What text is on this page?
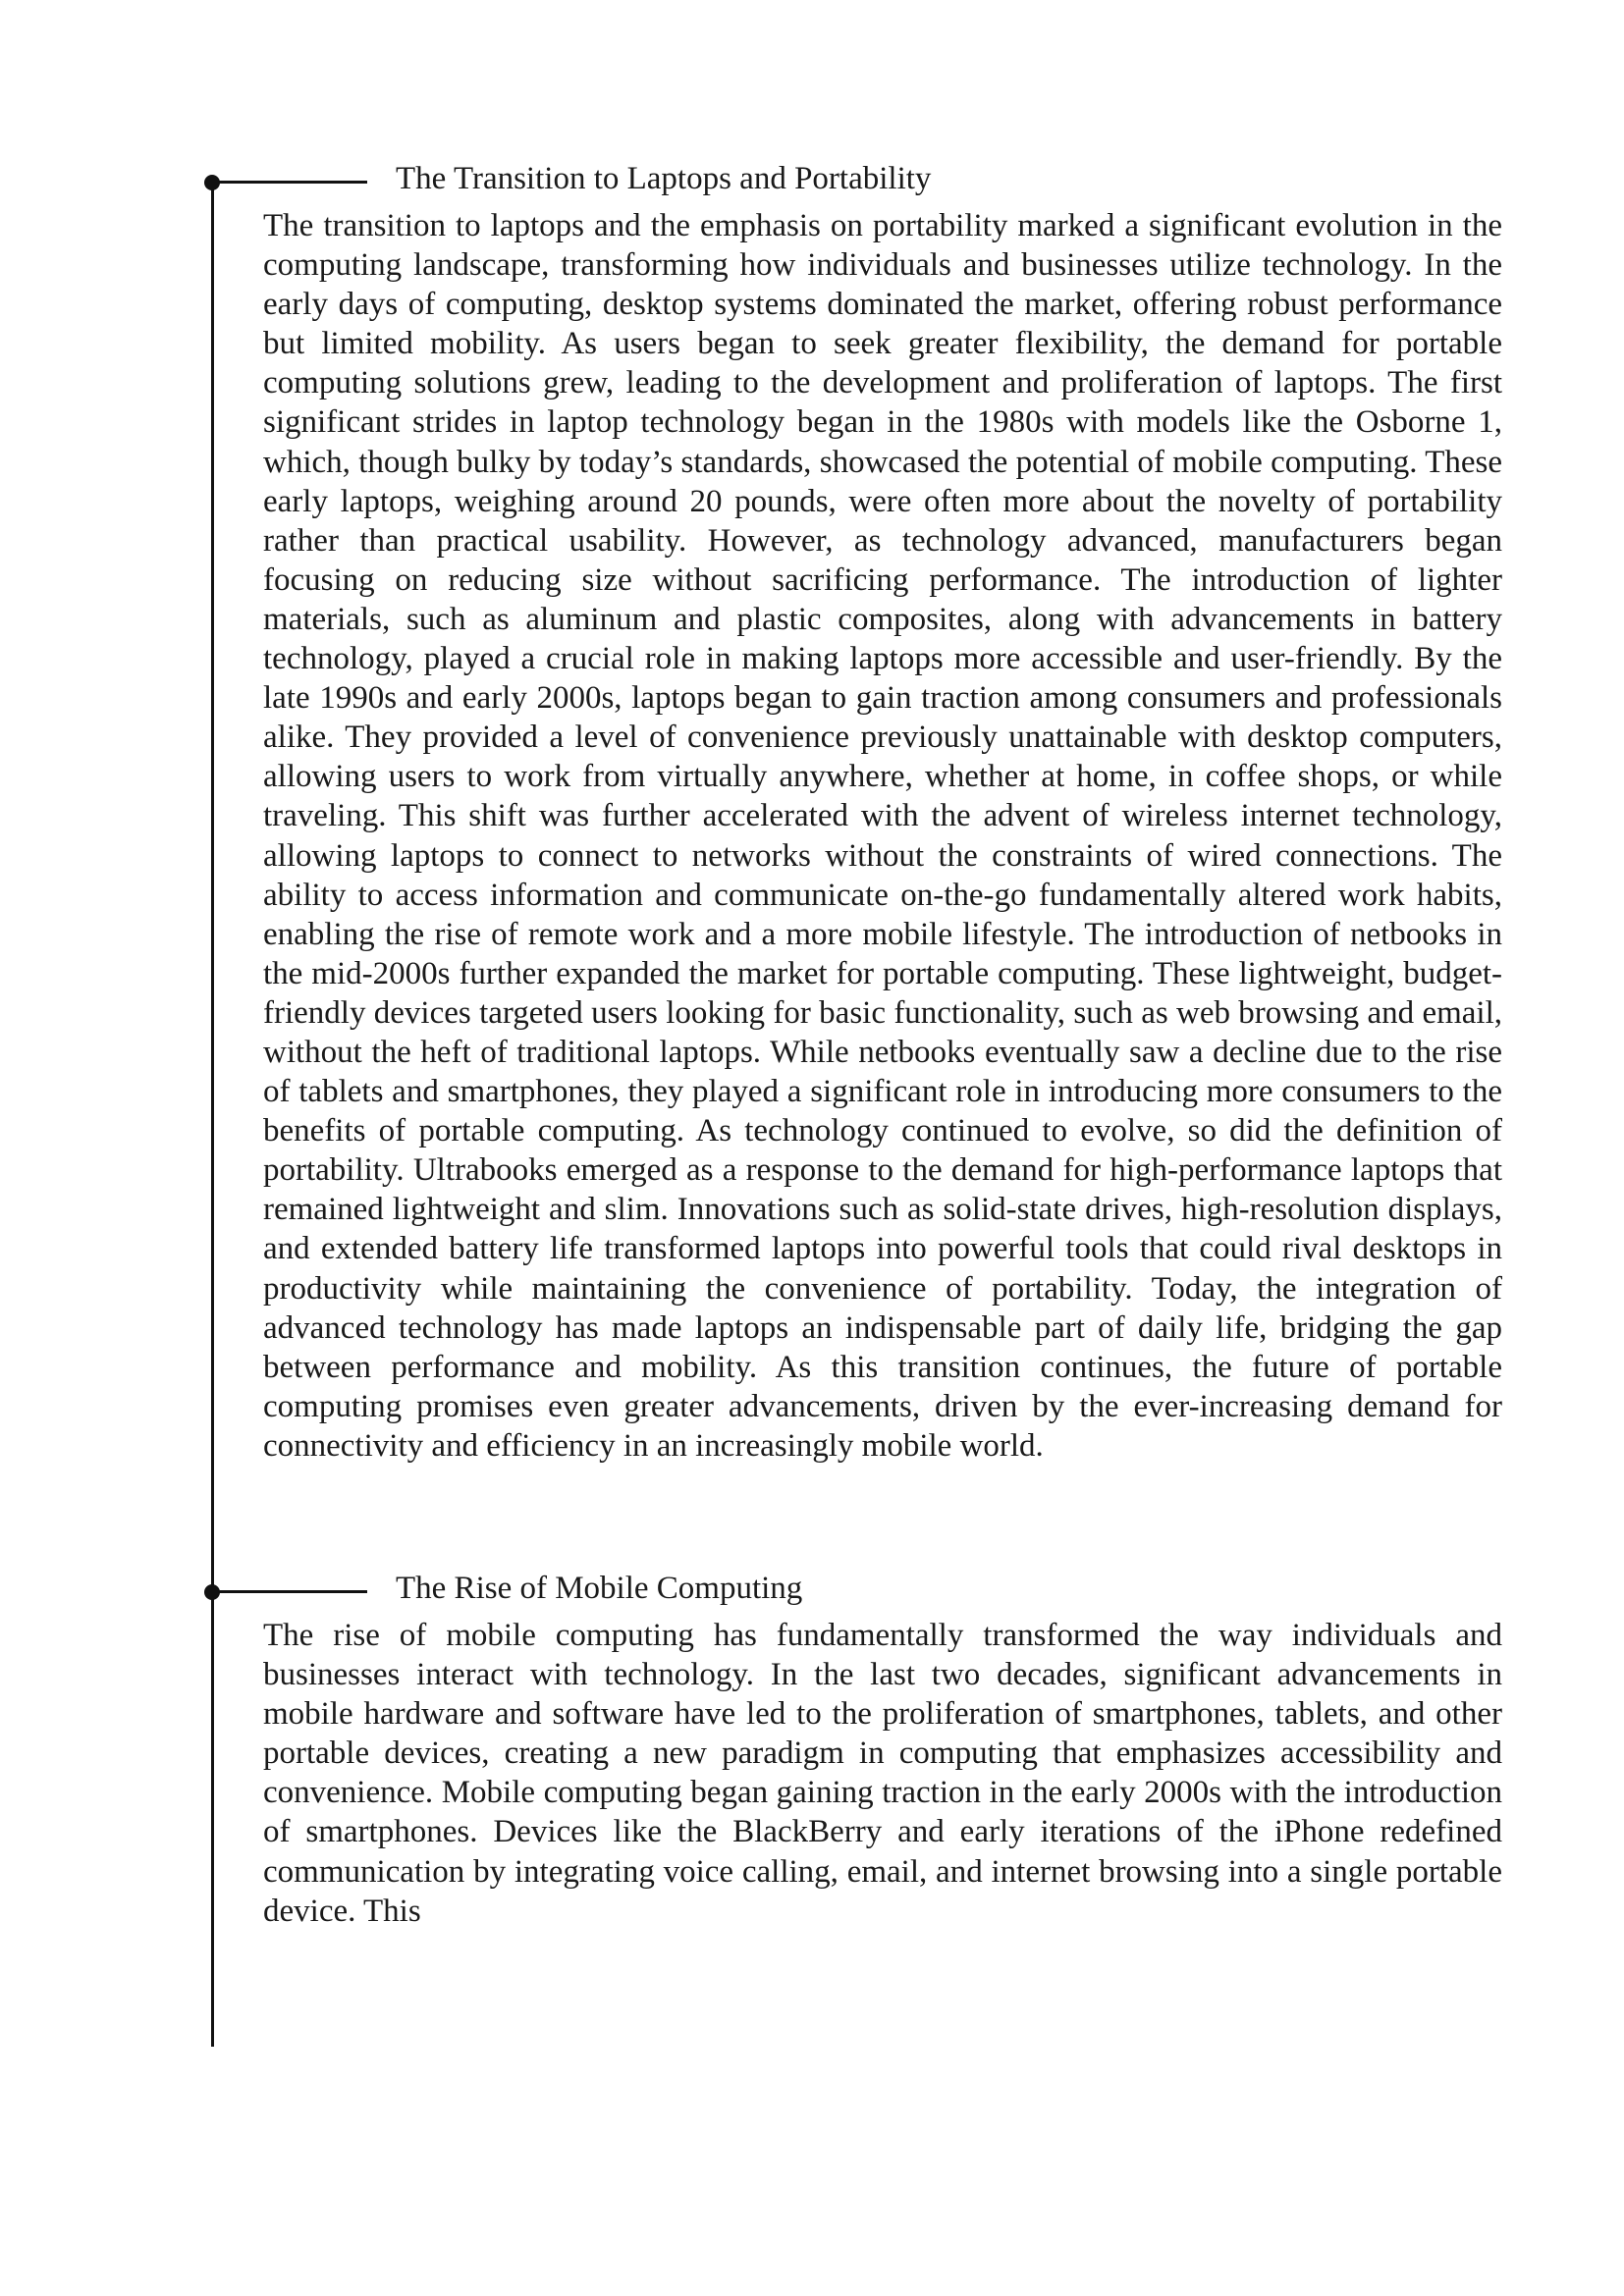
The Transition to Laptops and Portability

The transition to laptops and the emphasis on portability marked a significant evolution in the computing landscape, transforming how individuals and businesses utilize technology. In the early days of computing, desktop systems dominated the market, offering robust performance but limited mobility. As users began to seek greater flexibility, the demand for portable computing solutions grew, leading to the development and proliferation of laptops. The first significant strides in laptop technology began in the 1980s with models like the Osborne 1, which, though bulky by today’s standards, showcased the potential of mobile computing. These early laptops, weighing around 20 pounds, were often more about the novelty of portability rather than practical usability. However, as technology advanced, manufacturers began focusing on reducing size without sacrificing performance. The introduction of lighter materials, such as aluminum and plastic composites, along with advancements in battery technology, played a crucial role in making laptops more accessible and user-friendly. By the late 1990s and early 2000s, laptops began to gain traction among consumers and professionals alike. They provided a level of convenience previously unattainable with desktop computers, allowing users to work from virtually anywhere, whether at home, in coffee shops, or while traveling. This shift was further accelerated with the advent of wireless internet technology, allowing laptops to connect to networks without the constraints of wired connections. The ability to access information and communicate on-the-go fundamentally altered work habits, enabling the rise of remote work and a more mobile lifestyle. The introduction of netbooks in the mid-2000s further expanded the market for portable computing. These lightweight, budget-friendly devices targeted users looking for basic functionality, such as web browsing and email, without the heft of traditional laptops. While netbooks eventually saw a decline due to the rise of tablets and smartphones, they played a significant role in introducing more consumers to the benefits of portable computing. As technology continued to evolve, so did the definition of portability. Ultrabooks emerged as a response to the demand for high-performance laptops that remained lightweight and slim. Innovations such as solid-state drives, high-resolution displays, and extended battery life transformed laptops into powerful tools that could rival desktops in productivity while maintaining the convenience of portability. Today, the integration of advanced technology has made laptops an indispensable part of daily life, bridging the gap between performance and mobility. As this transition continues, the future of portable computing promises even greater advancements, driven by the ever-increasing demand for connectivity and efficiency in an increasingly mobile world.

The Rise of Mobile Computing

The rise of mobile computing has fundamentally transformed the way individuals and businesses interact with technology. In the last two decades, significant advancements in mobile hardware and software have led to the proliferation of smartphones, tablets, and other portable devices, creating a new paradigm in computing that emphasizes accessibility and convenience. Mobile computing began gaining traction in the early 2000s with the introduction of smartphones. Devices like the BlackBerry and early iterations of the iPhone redefined communication by integrating voice calling, email, and internet browsing into a single portable device. This
